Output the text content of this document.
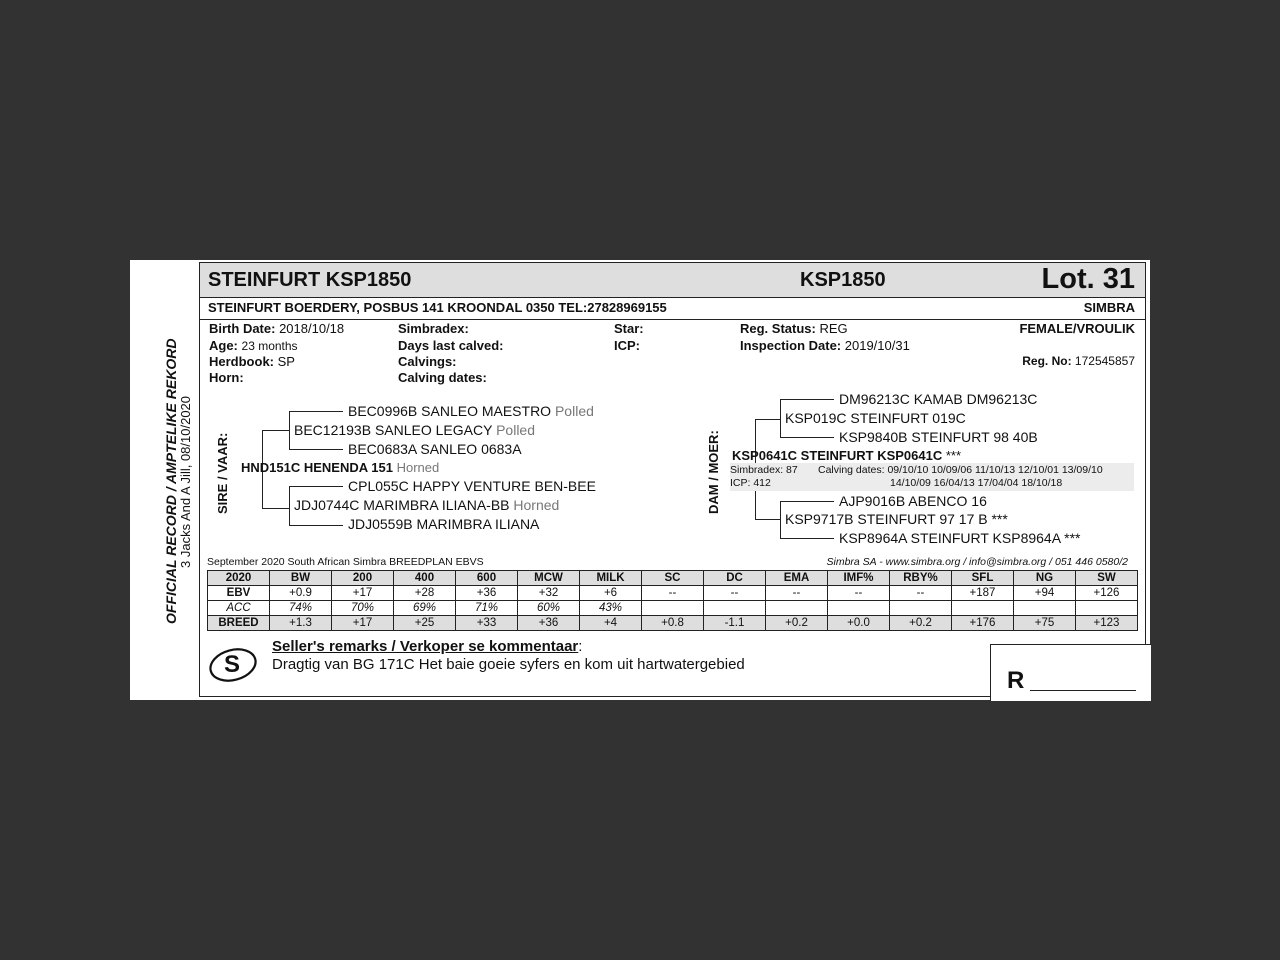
OFFICIAL RECORD / AMPTELIKE REKORD 3 Jacks And A Jill, 08/10/2020
STEINFURT KSP1850	KSP1850	Lot. 31
STEINFURT BOERDERY, POSBUS 141 KROONDAL 0350 TEL:27828969155	SIMBRA
Birth Date: 2018/10/18
Age: 23 months
Herdbook: SP
Horn:
Simbradex:
Days last calved:
Calvings:
Calving dates:
Star:
ICP:
Reg. Status: REG
Inspection Date: 2019/10/31
FEMALE/VROULIK
Reg. No: 172545857
SIRE / VAAR:
BEC0996B SANLEO MAESTRO Polled
BEC12193B SANLEO LEGACY Polled
BEC0683A SANLEO 0683A
HND151C HENENDA 151 Horned
CPL055C HAPPY VENTURE BEN-BEE
JDJ0744C MARIMBRA ILIANA-BB Horned
JDJ0559B MARIMBRA ILIANA
DAM / MOER:
DM96213C KAMAB DM96213C
KSP019C STEINFURT 019C
KSP9840B STEINFURT 98 40B
KSP0641C STEINFURT KSP0641C ***
Simbradex: 87
ICP: 412
Calving dates: 09/10/10 10/09/06 11/10/13 12/10/01 13/09/10
14/10/09 16/04/13 17/04/04 18/10/18
AJP9016B ABENCO 16
KSP9717B STEINFURT 97 17 B ***
KSP8964A STEINFURT KSP8964A ***
September 2020 South African Simbra BREEDPLAN EBVS	Simbra SA - www.simbra.org / info@simbra.org / 051 446 0580/2
2020	BW	200	400	600	MCW	MILK	SC	DC	EMA	IMF%	RBY%	SFL	NG	SW
EBV	+0.9	+17	+28	+36	+32	+6	--	--	--	--	--	+187	+94	+126
ACC	74%	70%	69%	71%	60%	43%								
BREED	+1.3	+17	+25	+33	+36	+4	+0.8	-1.1	+0.2	+0.0	+0.2	+176	+75	+123
S
Seller's remarks / Verkoper se kommentaar:
Dragtig van BG 171C Het baie goeie syfers en kom uit hartwatergebied
R
